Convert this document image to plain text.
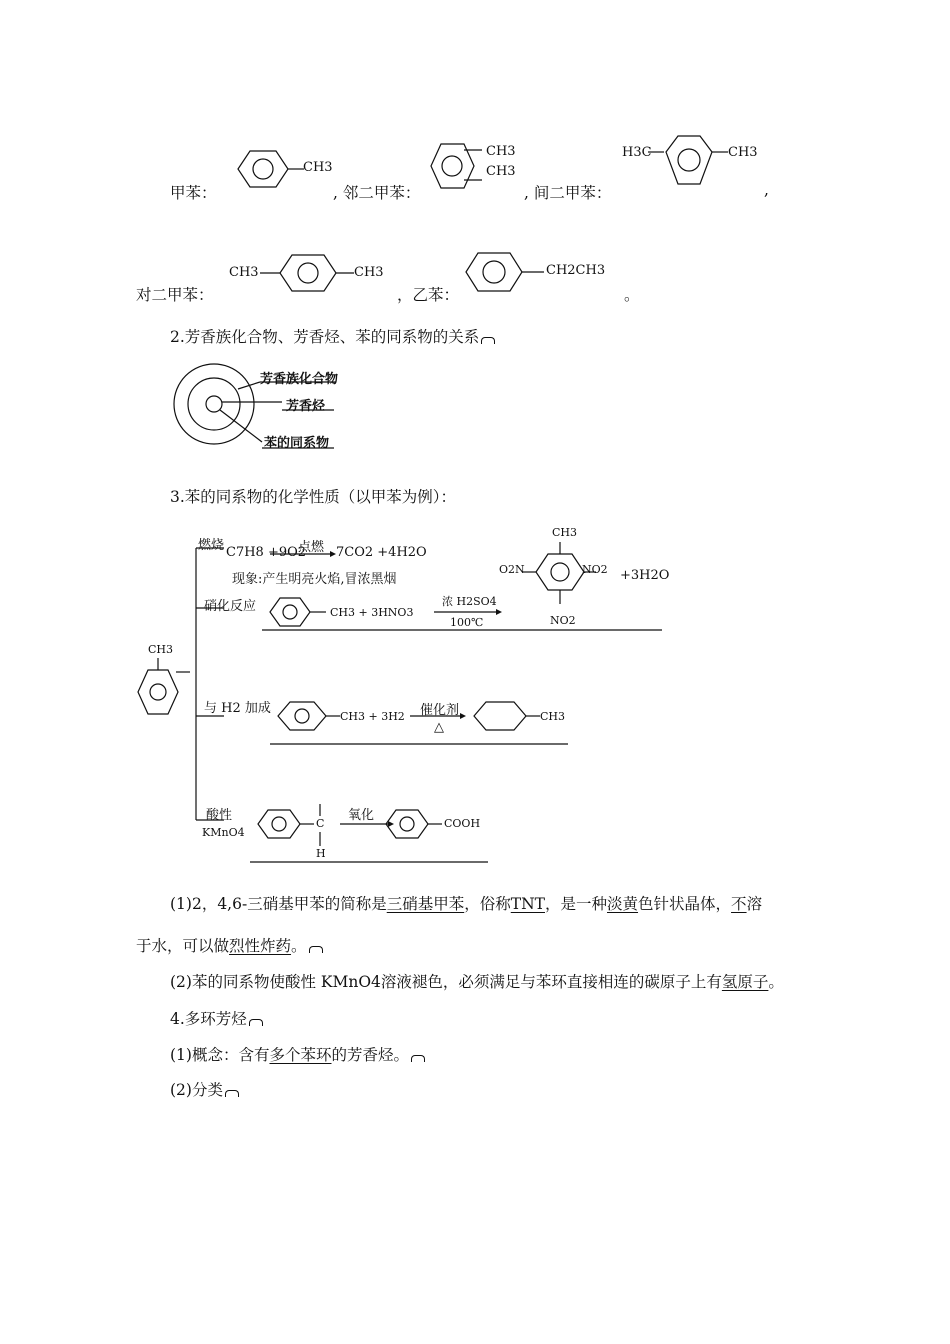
甲苯：
CH3
, 邻二甲苯：
CH3
CH3
, 间二甲苯：
H3C	CH3
,
对二甲苯：
CH3	CH3
，乙苯：
CH2CH3
。
2.芳香族化合物、芳香烃、苯的同系物的关系
芳香族化合物
芳香烃
苯的同系物
3.苯的同系物的化学性质（以甲苯为例）：
CH3
燃烧 C7H8 +9O2
点燃 7CO2 +4H2O
现象:产生明亮火焰,冒浓黑烟
硝化反应	CH3 + 3HNO3
浓 H2SO4
100℃
CH3
O2N	NO2
NO2
+3H2O
与 H2 加成
CH3 + 3H2 催化剂
△
CH3
酸性
KMnO4
C
H
氧化
COOH
(1)2，4,6-三硝基甲苯的简称是三硝基甲苯，俗称TNT，是一种淡黄色针状晶体，不溶
于水，可以做烈性炸药。
(2)苯的同系物使酸性 KMnO4溶液褪色，必须满足与苯环直接相连的碳原子上有氢原子。
4.多环芳烃
(1)概念：含有多个苯环的芳香烃。
(2)分类
